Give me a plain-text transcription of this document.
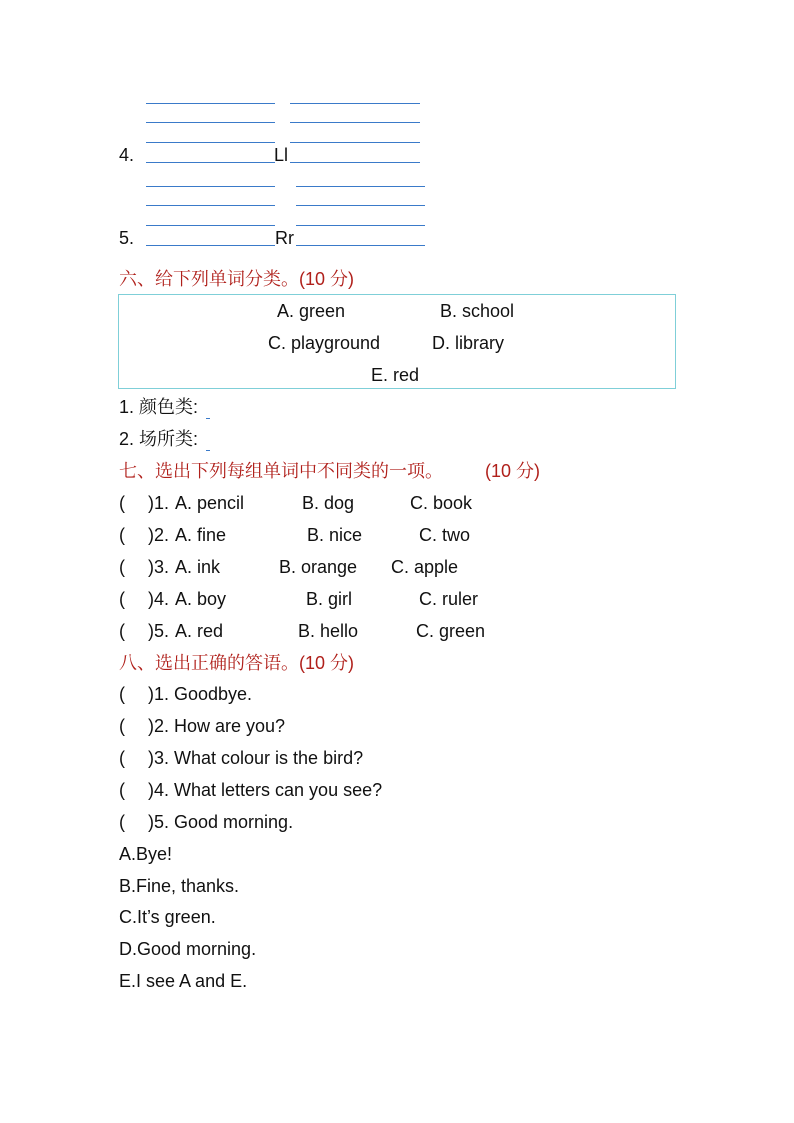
4.	Ll
5.	Rr
六、给下列单词分类。(10 分)
A. green	B. school
C. playground	D. library
E. red
1. 颜色类:
2. 场所类:
七、选出下列每组单词中不同类的一项。 (10 分)
( )1. A. pencil	B. dog	C. book
( )2. A. fine	B. nice	C. two
( )3. A. ink	B. orange C. apple
( )4. A. boy	B. girl	C. ruler
( )5. A. red	B. hello	C. green
八、选出正确的答语。(10 分)
( )1. Goodbye.
( )2. How are you?
( )3. What colour is the bird?
( )4. What letters can you see?
( )5. Good morning.
A.Bye!
B.Fine, thanks.
C.It’s green.
D.Good morning.
E.I see A and E.
